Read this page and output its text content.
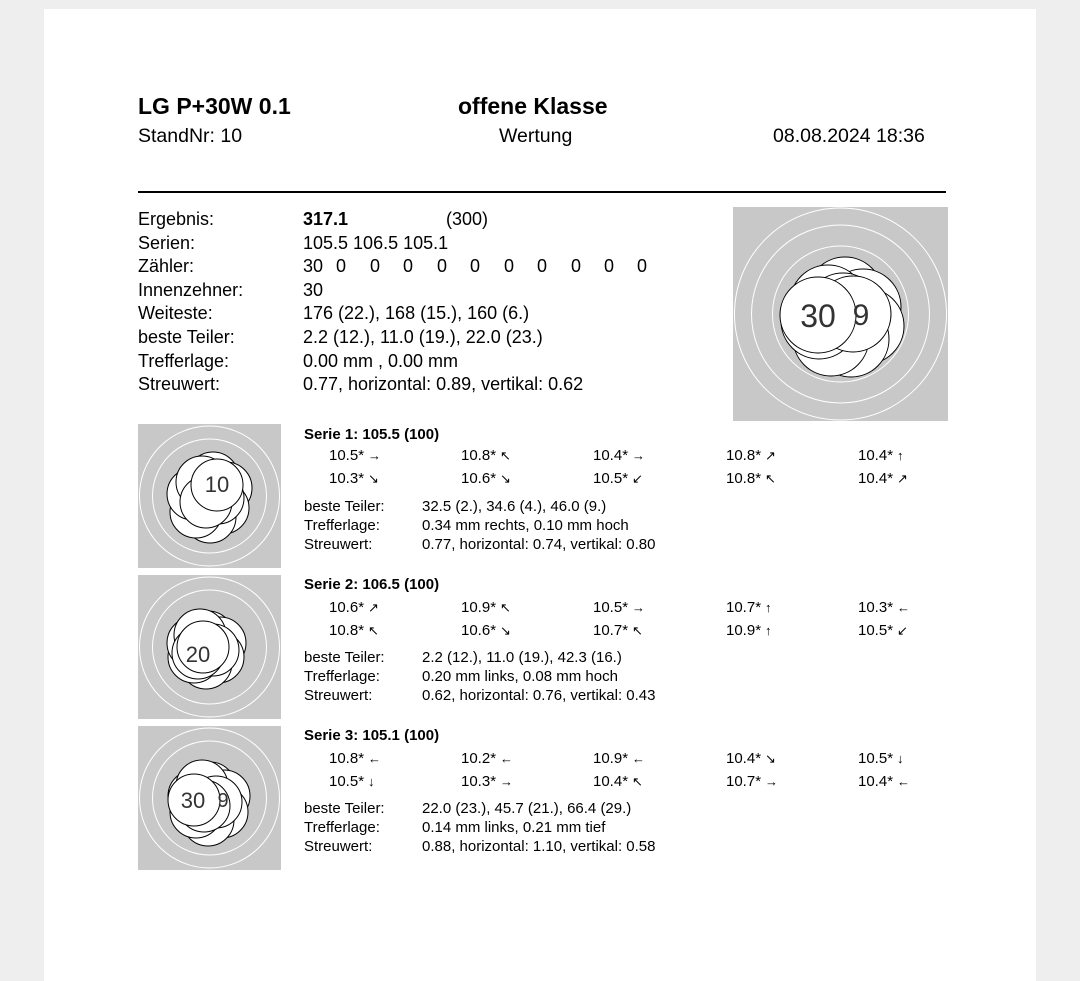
LG P+30W 0.1	offene Klasse
StandNr: 10	Wertung	08.08.2024 18:36
Ergebnis:	317.1	(300)
Serien:	105.5 106.5 105.1
Zähler:	30 0 0 0 0 0 0 0 0 0 0
Innenzehner:	30
Weiteste:	176 (22.), 168 (15.), 160 (6.)
beste Teiler:	2.2 (12.), 11.0 (19.), 22.0 (23.)
Trefferlage:	0.00 mm , 0.00 mm
Streuwert:	0.77, horizontal: 0.89, vertikal: 0.62
30 9
10
Serie 1: 105.5 (100)
10.5* →	10.8* ↖	10.4* →	10.8* ↗	10.4* ↑
10.3* ↘	10.6* ↘	10.5* ↙	10.8* ↖	10.4* ↗
beste Teiler: 32.5 (2.), 34.6 (4.), 46.0 (9.)
Trefferlage:	0.34 mm rechts, 0.10 mm hoch
Streuwert:	0.77, horizontal: 0.74, vertikal: 0.80
20
Serie 2: 106.5 (100)
10.6* ↗	10.9* ↖	10.5* →	10.7* ↑	10.3* ←
10.8* ↖	10.6* ↘	10.7* ↖	10.9* ↑	10.5* ↙
beste Teiler: 2.2 (12.), 11.0 (19.), 42.3 (16.)
Trefferlage:	0.20 mm links, 0.08 mm hoch
Streuwert:	0.62, horizontal: 0.76, vertikal: 0.43
30 9
Serie 3: 105.1 (100)
10.8* ←	10.2* ←	10.9* ←	10.4* ↘	10.5* ↓
10.5* ↓	10.3* →	10.4* ↖	10.7* →	10.4* ←
beste Teiler: 22.0 (23.), 45.7 (21.), 66.4 (29.)
Trefferlage:	0.14 mm links, 0.21 mm tief
Streuwert:	0.88, horizontal: 1.10, vertikal: 0.58
